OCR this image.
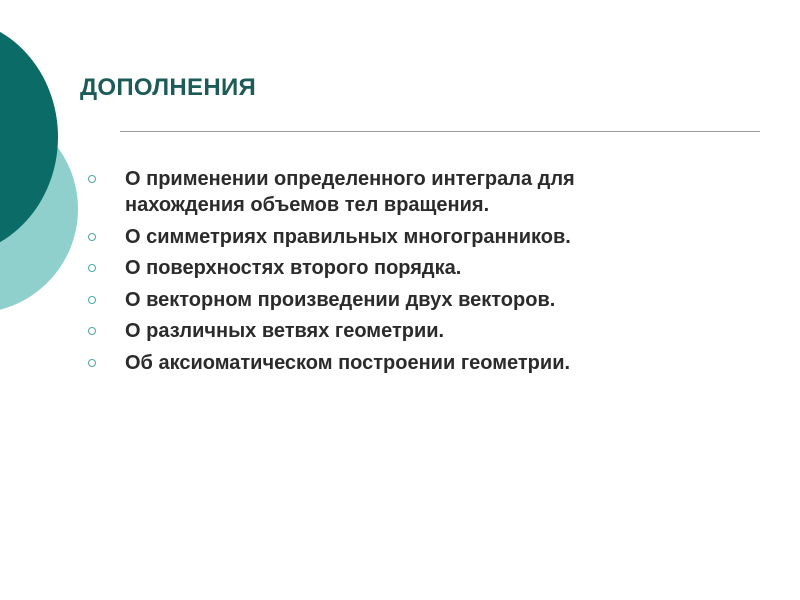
ДОПОЛНЕНИЯ
О применении определенного интеграла для
нахождения объемов тел вращения.
О симметриях правильных многогранников.
О поверхностях второго порядка.
О векторном произведении двух векторов.
О различных ветвях геометрии.
Об аксиоматическом построении геометрии.
